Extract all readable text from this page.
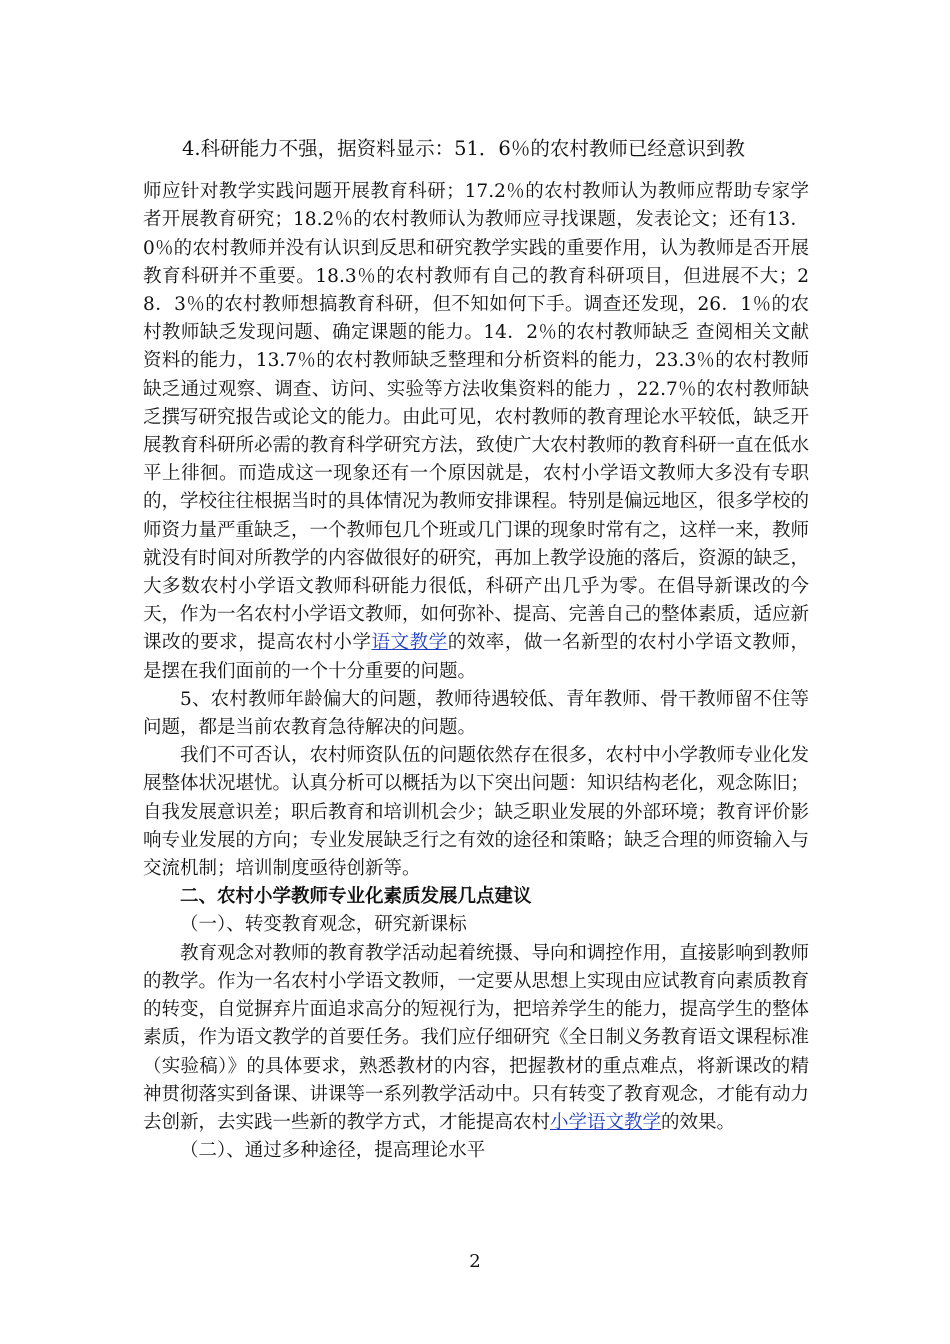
4.科研能力不强，据资料显示：51．6％的农村教师已经意识到教

师应针对教学实践问题开展教育科研；17.2％的农村教师认为教师应帮助专家学者开展教育研究；18.2％的农村教师认为教师应寻找课题，发表论文；还有13．0％的农村教师并没有认识到反思和研究教学实践的重要作用，认为教师是否开展教育科研并不重要。18.3％的农村教师有自己的教育科研项目，但进展不大；28．3％的农村教师想搞教育科研，但不知如何下手。调查还发现，26．1％的农村教师缺乏发现问题、确定课题的能力。14．2％的农村教师缺乏 查阅相关文献资料的能力，13.7％的农村教师缺乏整理和分析资料的能力，23.3％的农村教师缺乏通过观察、调查、访问、实验等方法收集资料的能力 ，22.7％的农村教师缺乏撰写研究报告或论文的能力。由此可见，农村教师的教育理论水平较低，缺乏开展教育科研所必需的教育科学研究方法，致使广大农村教师的教育科研一直在低水平上徘徊。而造成这一现象还有一个原因就是，农村小学语文教师大多没有专职的，学校往往根据当时的具体情况为教师安排课程。特别是偏远地区，很多学校的师资力量严重缺乏，一个教师包几个班或几门课的现象时常有之，这样一来，教师就没有时间对所教学的内容做很好的研究，再加上教学设施的落后，资源的缺乏，大多数农村小学语文教师科研能力很低，科研产出几乎为零。在倡导新课改的今天，作为一名农村小学语文教师，如何弥补、提高、完善自己的整体素质，适应新课改的要求，提高农村小学语文教学的效率，做一名新型的农村小学语文教师，是摆在我们面前的一个十分重要的问题。

5、农村教师年龄偏大的问题，教师待遇较低、青年教师、骨干教师留不住等问题，都是当前农教育急待解决的问题。

我们不可否认，农村师资队伍的问题依然存在很多，农村中小学教师专业化发展整体状况堪忧。认真分析可以概括为以下突出问题：知识结构老化，观念陈旧；自我发展意识差；职后教育和培训机会少；缺乏职业发展的外部环境；教育评价影响专业发展的方向；专业发展缺乏行之有效的途径和策略；缺乏合理的师资输入与交流机制；培训制度亟待创新等。

二、农村小学教师专业化素质发展几点建议

（一）、转变教育观念，研究新课标

教育观念对教师的教育教学活动起着统摄、导向和调控作用，直接影响到教师的教学。作为一名农村小学语文教师，一定要从思想上实现由应试教育向素质教育的转变，自觉摒弃片面追求高分的短视行为，把培养学生的能力，提高学生的整体素质，作为语文教学的首要任务。我们应仔细研究《全日制义务教育语文课程标准（实验稿）》的具体要求，熟悉教材的内容，把握教材的重点难点，将新课改的精神贯彻落实到备课、讲课等一系列教学活动中。只有转变了教育观念，才能有动力去创新，去实践一些新的教学方式，才能提高农村小学语文教学的效果。

（二）、通过多种途径，提高理论水平

2
